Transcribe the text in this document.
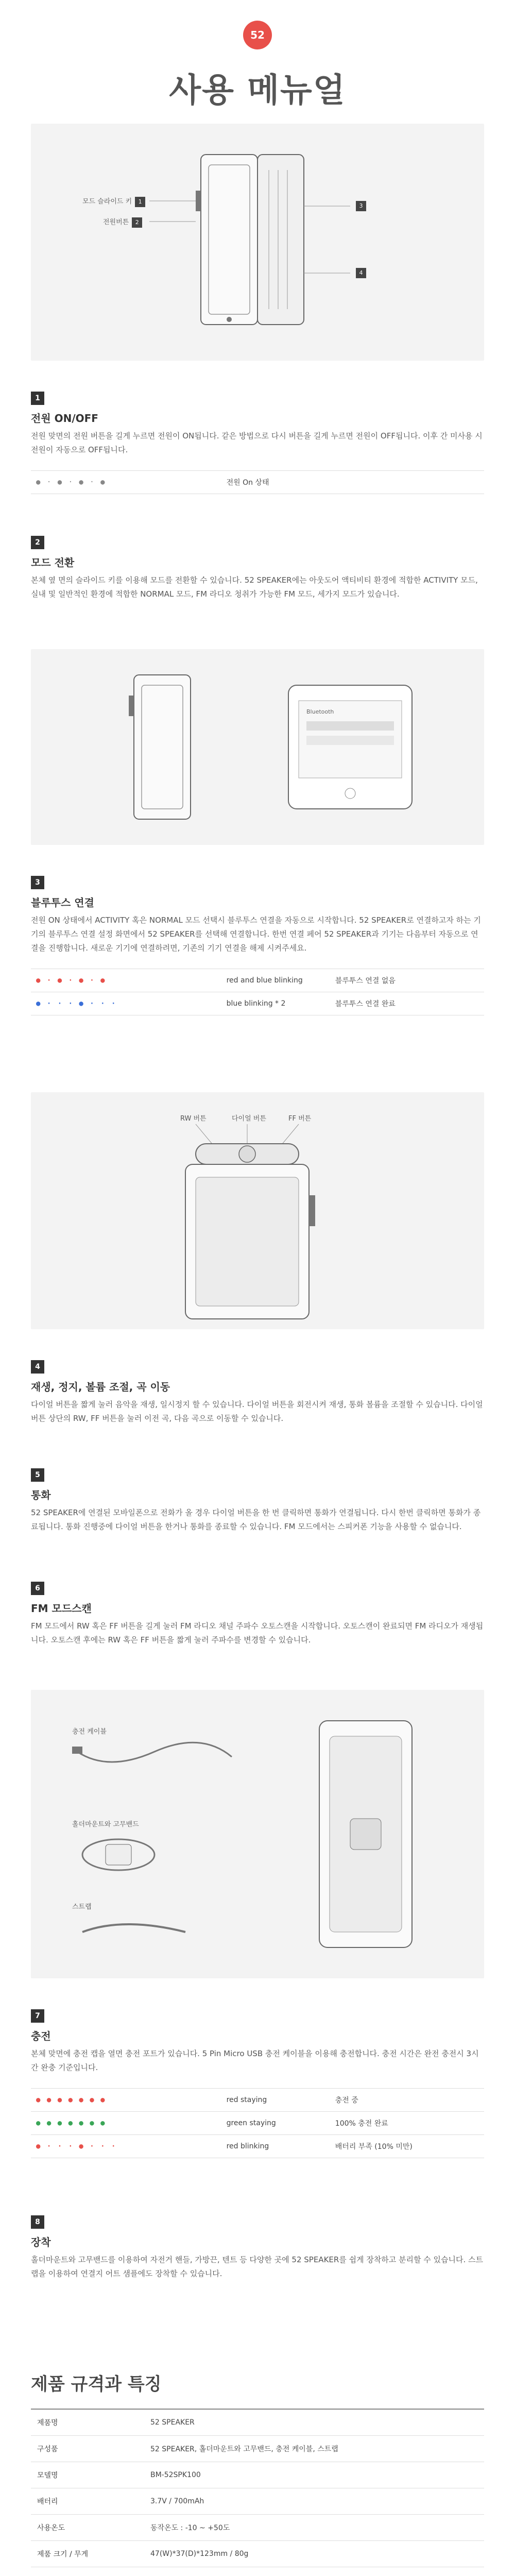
52
사용 메뉴얼
모드 슬라이드 키 1
전원버튼 2
3
4
1
전원 ON/OFF

전원 맞면의 전원 버튼을 길게 누르면 전원이 ON됩니다. 같은 방법으로 다시 버튼을 길게 누르면 전원이 OFF됩니다. 이후 간 미사용 시 전원이 자동으로 OFF됩니다.

● · ● · ● · ●	전원 On 상태
2
모드 전환

본체 옆 면의 슬라이드 키를 이용해 모드를 전환할 수 있습니다. 52 SPEAKER에는 아웃도어 액티비티 환경에 적합한 ACTIVITY 모드, 실내 및 일반적인 환경에 적합한 NORMAL 모드, FM 라디오 청취가 가능한 FM 모드, 세가지 모드가 있습니다.

Bluetooth
3
블루투스 연결

전원 ON 상태에서 ACTIVITY 혹은 NORMAL 모드 선택시 블루투스 연결을 자동으로 시작합니다. 52 SPEAKER로 연결하고자 하는 기기의 블루투스 연결 설정 화면에서 52 SPEAKER를 선택해 연결합니다. 한번 연결 페어 52 SPEAKER과 기기는 다음부터 자동으로 연결을 진행합니다. 새로운 기기에 연결하려면, 기존의 기기 연결을 해제 시켜주세요.

● · ● · ● · ●	red and blue blinking	블루투스 연결 없음
● · · · ● · · ·	blue blinking * 2	블루투스 연결 완료
RW 버튼	다이얼 버튼	FF 버튼
4
재생, 정지, 볼륨 조절, 곡 이동

다이얼 버튼을 짧게 눌러 음악을 재생, 일시정지 할 수 있습니다. 다이얼 버튼을 회전시켜 재생, 통화 볼륨을 조절할 수 있습니다. 다이얼 버튼 상단의 RW, FF 버튼을 눌러 이전 곡, 다음 곡으로 이동할 수 있습니다.

5
통화

52 SPEAKER에 연결된 모바일폰으로 전화가 올 경우 다이얼 버튼을 한 번 클릭하면 통화가 연결됩니다. 다시 한번 클릭하면 통화가 종료됩니다. 통화 진행중에 다이얼 버튼을 한거나 통화를 종료할 수 있습니다. FM 모드에서는 스피커폰 기능을 사용할 수 없습니다.

6
FM 모드스캔

FM 모드에서 RW 혹은 FF 버튼을 길게 눌러 FM 라디오 채널 주파수 오토스캔을 시작합니다. 오토스캔이 완료되면 FM 라디오가 재생됩니다. 오토스캔 후에는 RW 혹은 FF 버튼을 짧게 눌러 주파수를 변경할 수 있습니다.

충전 케이블
홀더마운트와 고무밴드
스트랩
7
충전

본체 맞면에 충전 캡을 열면 충전 포트가 있습니다. 5 Pin Micro USB 충전 케이블을 이용해 충전합니다. 충전 시간은 완전 충전시 3시간 완충 기준입니다.

● ● ● ● ● ● ●	red staying	충전 중
● ● ● ● ● ● ●	green staying	100% 충전 완료
● · · · ● · · ·	red blinking	배터리 부족 (10% 미만)
8
장착

홀더마운트와 고무밴드를 이용하여 자전거 핸들, 가방끈, 텐트 등 다양한 곳에 52 SPEAKER를 쉽게 장착하고 분리할 수 있습니다. 스트랩을 이용하여 연결지 어트 샘플에도 장착할 수 있습니다.

제품 규격과 특징
제품명	52 SPEAKER
구성품	52 SPEAKER, 홀더마운트와 고무밴드, 충전 케이블, 스트랩
모델명	BM-52SPK100
배터리	3.7V / 700mAh
사용온도	동작온도 : -10 ~ +50도
제품 크기 / 무게	47(W)*37(D)*123mm / 80g
